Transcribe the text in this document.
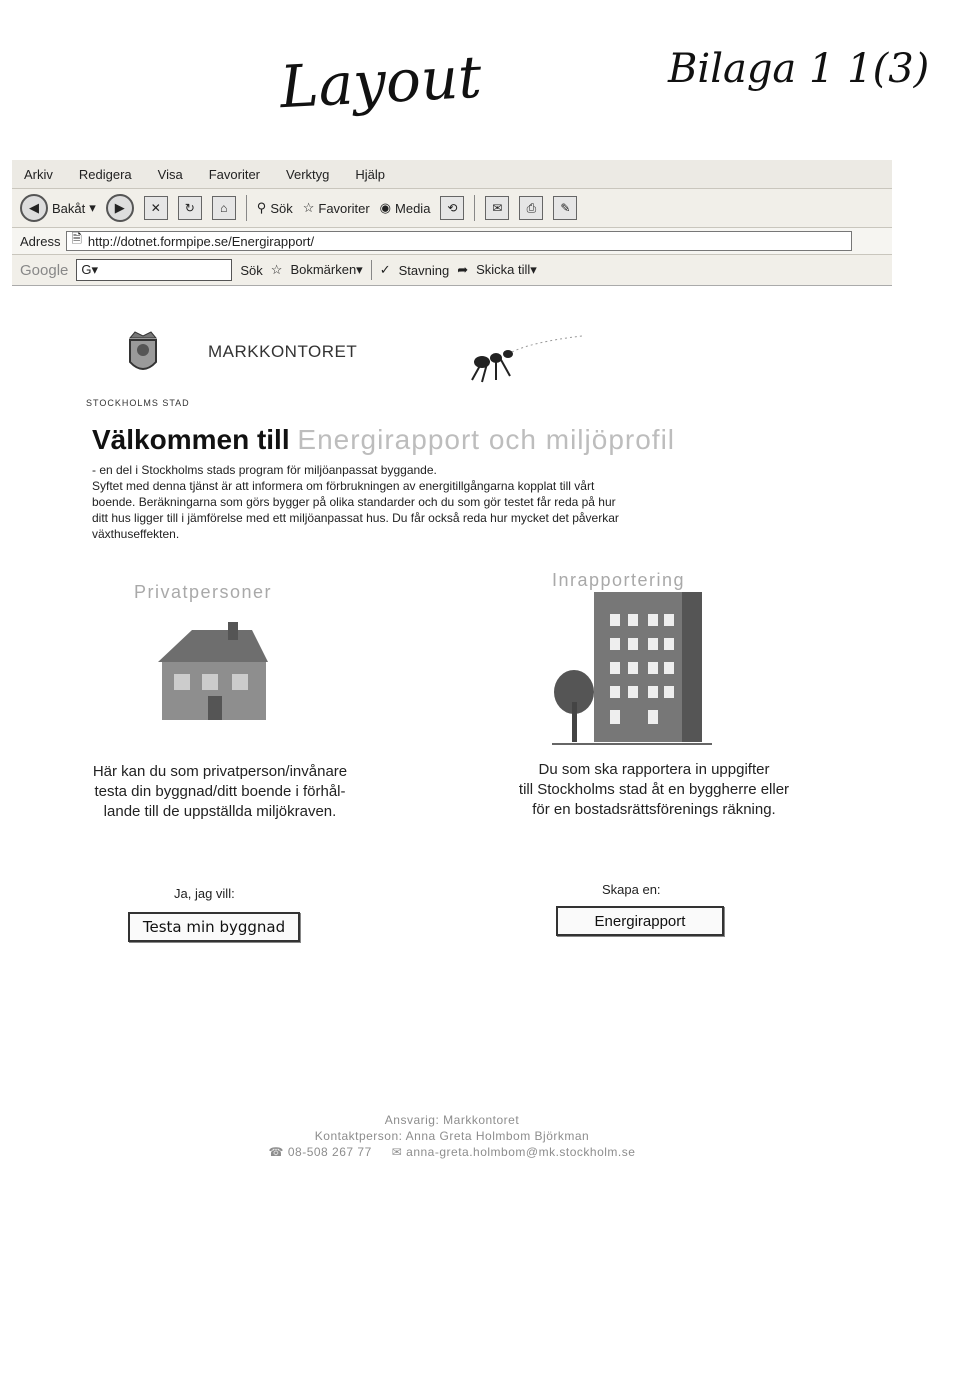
Layout	Bilaga 1 1(3)
Arkiv Redigera Visa Favoriter Verktyg Hjälp
◀	Bakåt ▾	▶	✕	↻	⌂	⚲ Sök ☆ Favoriter ◉ Media	⟲	✉	⎙	✎
Adress 🗎 http://dotnet.formpipe.se/Energirapport/
Google G▾	Sök ☆ Bokmärken▾ ✓ Stavning ➦ Skicka till▾
STOCKHOLMS STAD
MARKKONTORET
Välkommen till Energirapport och miljöprofil
- en del i Stockholms stads program för miljöanpassat byggande.
Syftet med denna tjänst är att informera om förbrukningen av energitillgångarna kopplat till vårt
boende. Beräkningarna som görs bygger på olika standarder och du som gör testet får reda på hur
ditt hus ligger till i jämförelse med ett miljöanpassat hus. Du får också reda hur mycket det påverkar
växthuseffekten.
Privatpersoner
Inrapportering
Här kan du som privatperson/invånare
testa din byggnad/ditt boende i förhål-
lande till de uppställda miljökraven.
Du som ska rapportera in uppgifter
till Stockholms stad åt en byggherre eller
för en bostadsrättsförenings räkning.
Ja, jag vill:	Skapa en:
Testa min byggnad	Energirapport
Ansvarig: Markkontoret
Kontaktperson: Anna Greta Holmbom Björkman
☎ 08-508 267 77 ✉ anna-greta.holmbom@mk.stockholm.se
